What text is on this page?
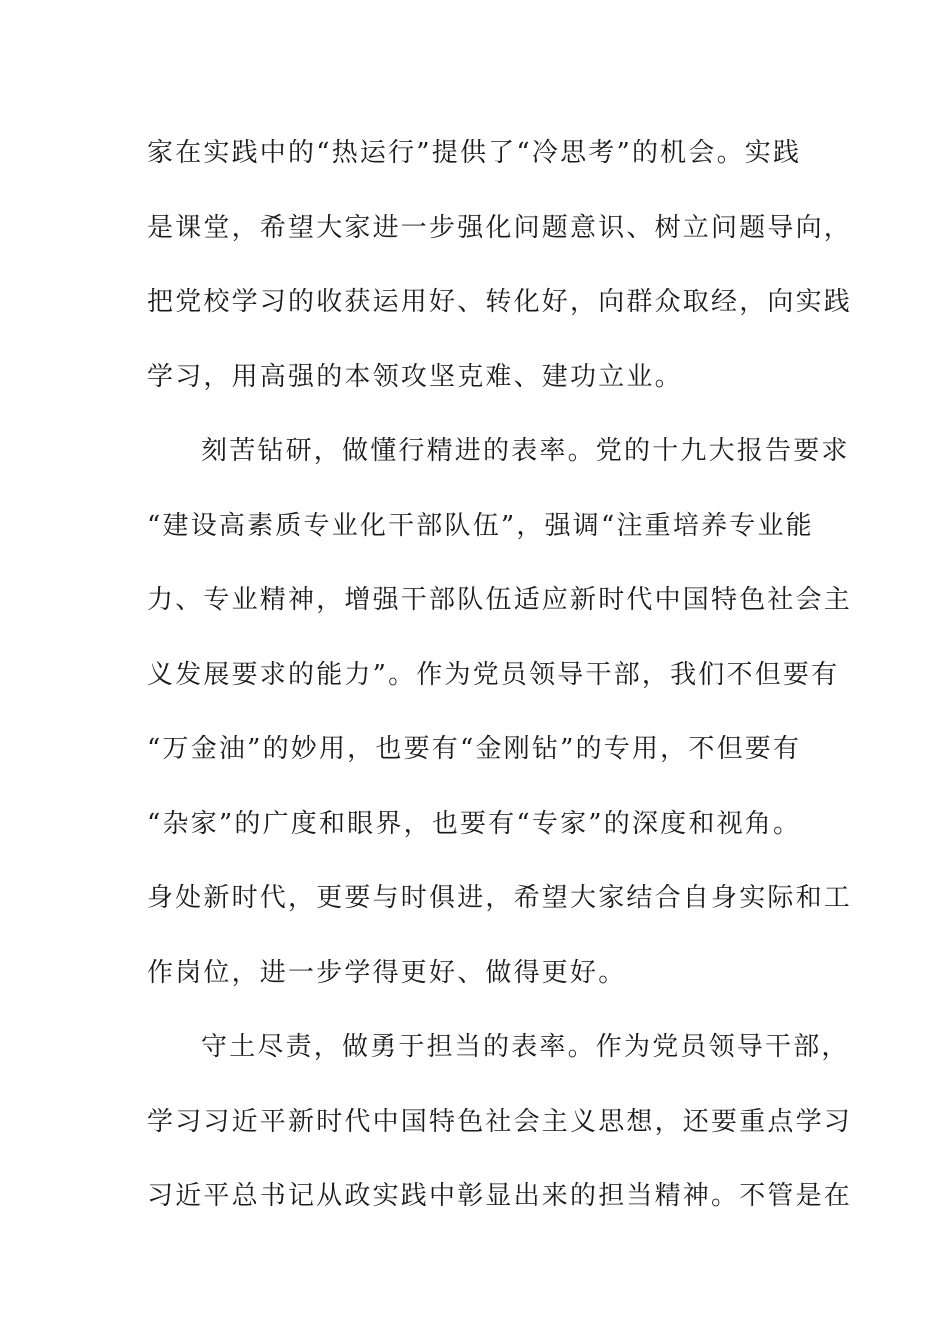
家在实践中的“热运行”提供了“冷思考”的机会。实践
是课堂，希望大家进一步强化问题意识、树立问题导向，
把党校学习的收获运用好、转化好，向群众取经，向实践
学习，用高强的本领攻坚克难、建功立业。
刻苦钻研，做懂行精进的表率。党的十九大报告要求
“建设高素质专业化干部队伍”，强调“注重培养专业能
力、专业精神，增强干部队伍适应新时代中国特色社会主
义发展要求的能力”。作为党员领导干部，我们不但要有
“万金油”的妙用，也要有“金刚钻”的专用，不但要有
“杂家”的广度和眼界，也要有“专家”的深度和视角。
身处新时代，更要与时俱进，希望大家结合自身实际和工
作岗位，进一步学得更好、做得更好。
守土尽责，做勇于担当的表率。作为党员领导干部，
学习习近平新时代中国特色社会主义思想，还要重点学习
习近平总书记从政实践中彰显出来的担当精神。不管是在
